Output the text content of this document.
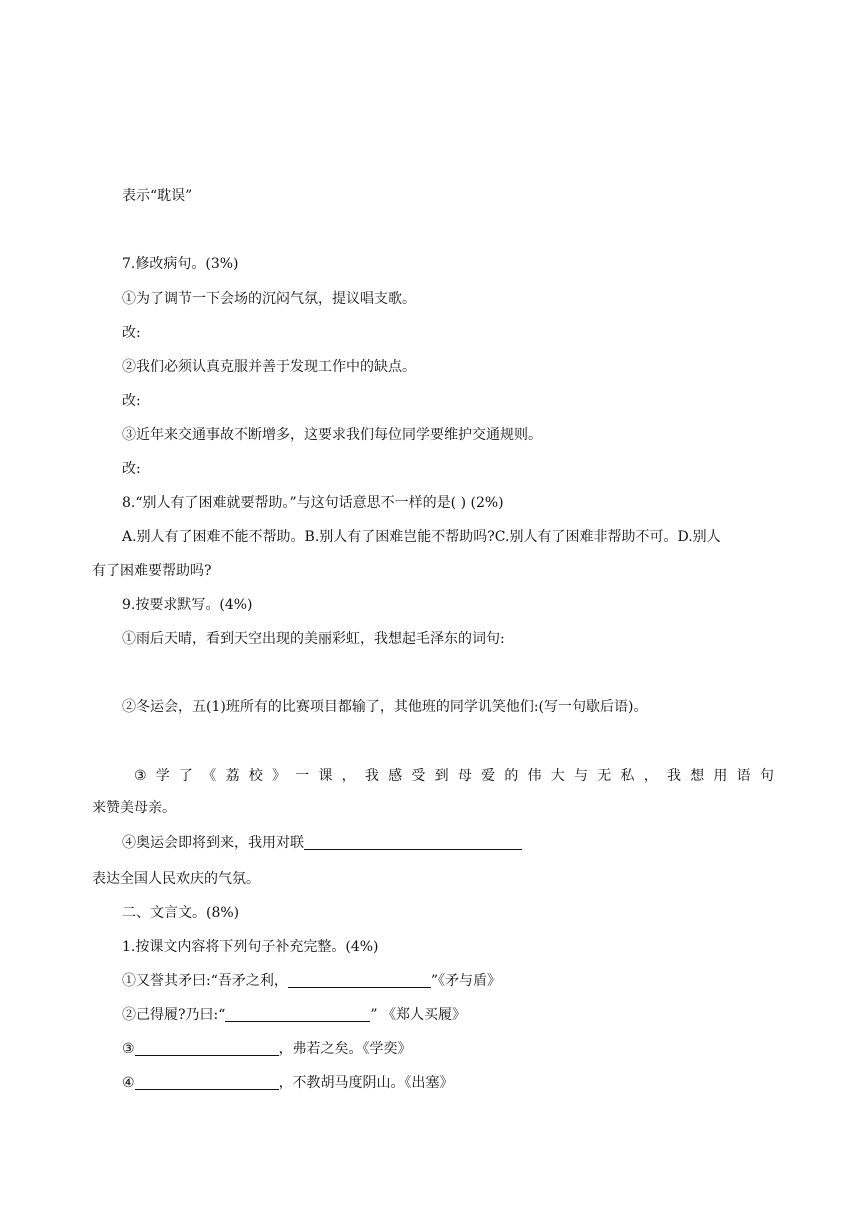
表示“耽误”
7.修改病句。(3%)
①为了调节一下会场的沉闷气氛，提议唱支歌。
改:
②我们必须认真克服并善于发现工作中的缺点。
改:
③近年来交通事故不断增多，这要求我们每位同学要维护交通规则。
改:
8.“别人有了困难就要帮助。”与这句话意思不一样的是( ) (2%)
A.别人有了困难不能不帮助。B.别人有了困难岂能不帮助吗?C.别人有了困难非帮助不可。D.别人
有了困难要帮助吗?
9.按要求默写。(4%)
①雨后天晴，看到天空出现的美丽彩虹，我想起毛泽东的词句:
②冬运会，五(1)班所有的比赛项目都输了，其他班的同学讥笑他们:(写一句歇后语)。
③ 学 了 《 荔 校 》 一 课 ， 我 感 受 到 母 爱 的 伟 大 与 无 私 ， 我 想 用 语 句
来赞美母亲。
④奥运会即将到来，我用对联
表达全国人民欢庆的气氛。
二、文言文。(8%)
1.按课文内容将下列句子补充完整。(4%)
①又誉其矛曰:“吾矛之利，	”《矛与盾》
②己得履?乃曰:“	” 《郑人买履》
③	，弗若之矣。《学奕》
④	，不教胡马度阴山。《出塞》
